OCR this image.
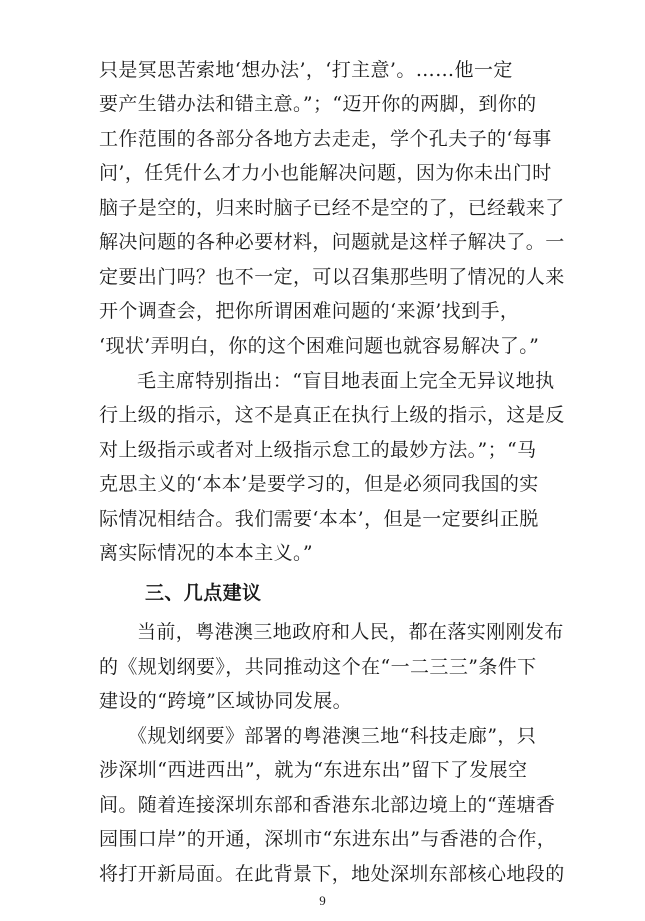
只是冥思苦索地‘想办法’，‘打主意’。……他一定
要产生错办法和错主意。”；“迈开你的两脚，到你的
工作范围的各部分各地方去走走，学个孔夫子的‘每事
问’，任凭什么才力小也能解决问题，因为你未出门时
脑子是空的，归来时脑子已经不是空的了，已经载来了
解决问题的各种必要材料，问题就是这样子解决了。一
定要出门吗？也不一定，可以召集那些明了情况的人来
开个调查会，把你所谓困难问题的‘来源’找到手，
‘现状’弄明白，你的这个困难问题也就容易解决了。”
毛主席特别指出：“盲目地表面上完全无异议地执
行上级的指示，这不是真正在执行上级的指示，这是反
对上级指示或者对上级指示怠工的最妙方法。”；“马
克思主义的‘本本’是要学习的，但是必须同我国的实
际情况相结合。我们需要‘本本’，但是一定要纠正脱
离实际情况的本本主义。”
三、几点建议
当前，粤港澳三地政府和人民，都在落实刚刚发布
的《规划纲要》，共同推动这个在“一二三三”条件下
建设的“跨境”区域协同发展。
《规划纲要》部署的粤港澳三地“科技走廊”，只
涉深圳“西进西出”，就为“东进东出”留下了发展空
间。随着连接深圳东部和香港东北部边境上的“莲塘香
园围口岸”的开通，深圳市“东进东出”与香港的合作，
将打开新局面。在此背景下，地处深圳东部核心地段的
9
